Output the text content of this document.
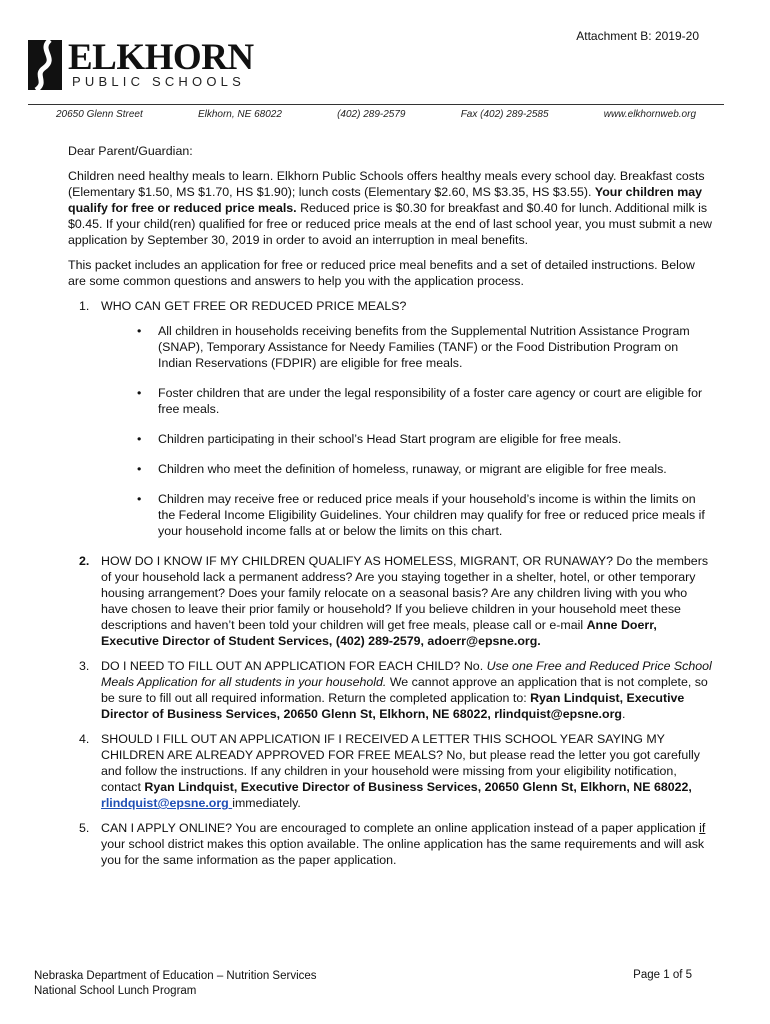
Attachment B: 2019-20
ELKHORN
PUBLIC SCHOOLS
20650 Glenn Street	Elkhorn, NE 68022	(402) 289-2579	Fax (402) 289-2585	www.elkhornweb.org

Dear Parent/Guardian:

Children need healthy meals to learn. Elkhorn Public Schools offers healthy meals every school day. Breakfast costs (Elementary $1.50, MS $1.70, HS $1.90); lunch costs (Elementary $2.60, MS $3.35, HS $3.55). Your children may qualify for free or reduced price meals. Reduced price is $0.30 for breakfast and $0.40 for lunch. Additional milk is $0.45. If your child(ren) qualified for free or reduced price meals at the end of last school year, you must submit a new application by September 30, 2019 in order to avoid an interruption in meal benefits.

This packet includes an application for free or reduced price meal benefits and a set of detailed instructions. Below are some common questions and answers to help you with the application process.

1. WHO CAN GET FREE OR REDUCED PRICE MEALS?
• All children in households receiving benefits from the Supplemental Nutrition Assistance Program (SNAP), Temporary Assistance for Needy Families (TANF) or the Food Distribution Program on Indian Reservations (FDPIR) are eligible for free meals.
• Foster children that are under the legal responsibility of a foster care agency or court are eligible for free meals.
• Children participating in their school’s Head Start program are eligible for free meals.
• Children who meet the definition of homeless, runaway, or migrant are eligible for free meals.
• Children may receive free or reduced price meals if your household’s income is within the limits on the Federal Income Eligibility Guidelines. Your children may qualify for free or reduced price meals if your household income falls at or below the limits on this chart.
2. HOW DO I KNOW IF MY CHILDREN QUALIFY AS HOMELESS, MIGRANT, OR RUNAWAY? Do the members of your household lack a permanent address? Are you staying together in a shelter, hotel, or other temporary housing arrangement? Does your family relocate on a seasonal basis? Are any children living with you who have chosen to leave their prior family or household? If you believe children in your household meet these descriptions and haven’t been told your children will get free meals, please call or e-mail Anne Doerr, Executive Director of Student Services, (402) 289-2579, adoerr@epsne.org.
3. DO I NEED TO FILL OUT AN APPLICATION FOR EACH CHILD? No. Use one Free and Reduced Price School Meals Application for all students in your household. We cannot approve an application that is not complete, so be sure to fill out all required information. Return the completed application to: Ryan Lindquist, Executive Director of Business Services, 20650 Glenn St, Elkhorn, NE 68022, rlindquist@epsne.org.
4. SHOULD I FILL OUT AN APPLICATION IF I RECEIVED A LETTER THIS SCHOOL YEAR SAYING MY CHILDREN ARE ALREADY APPROVED FOR FREE MEALS? No, but please read the letter you got carefully and follow the instructions. If any children in your household were missing from your eligibility notification, contact Ryan Lindquist, Executive Director of Business Services, 20650 Glenn St, Elkhorn, NE 68022, rlindquist@epsne.org immediately.
5. CAN I APPLY ONLINE? You are encouraged to complete an online application instead of a paper application if your school district makes this option available. The online application has the same requirements and will ask you for the same information as the paper application.
Nebraska Department of Education – Nutrition Services
National School Lunch Program
Page 1 of 5
